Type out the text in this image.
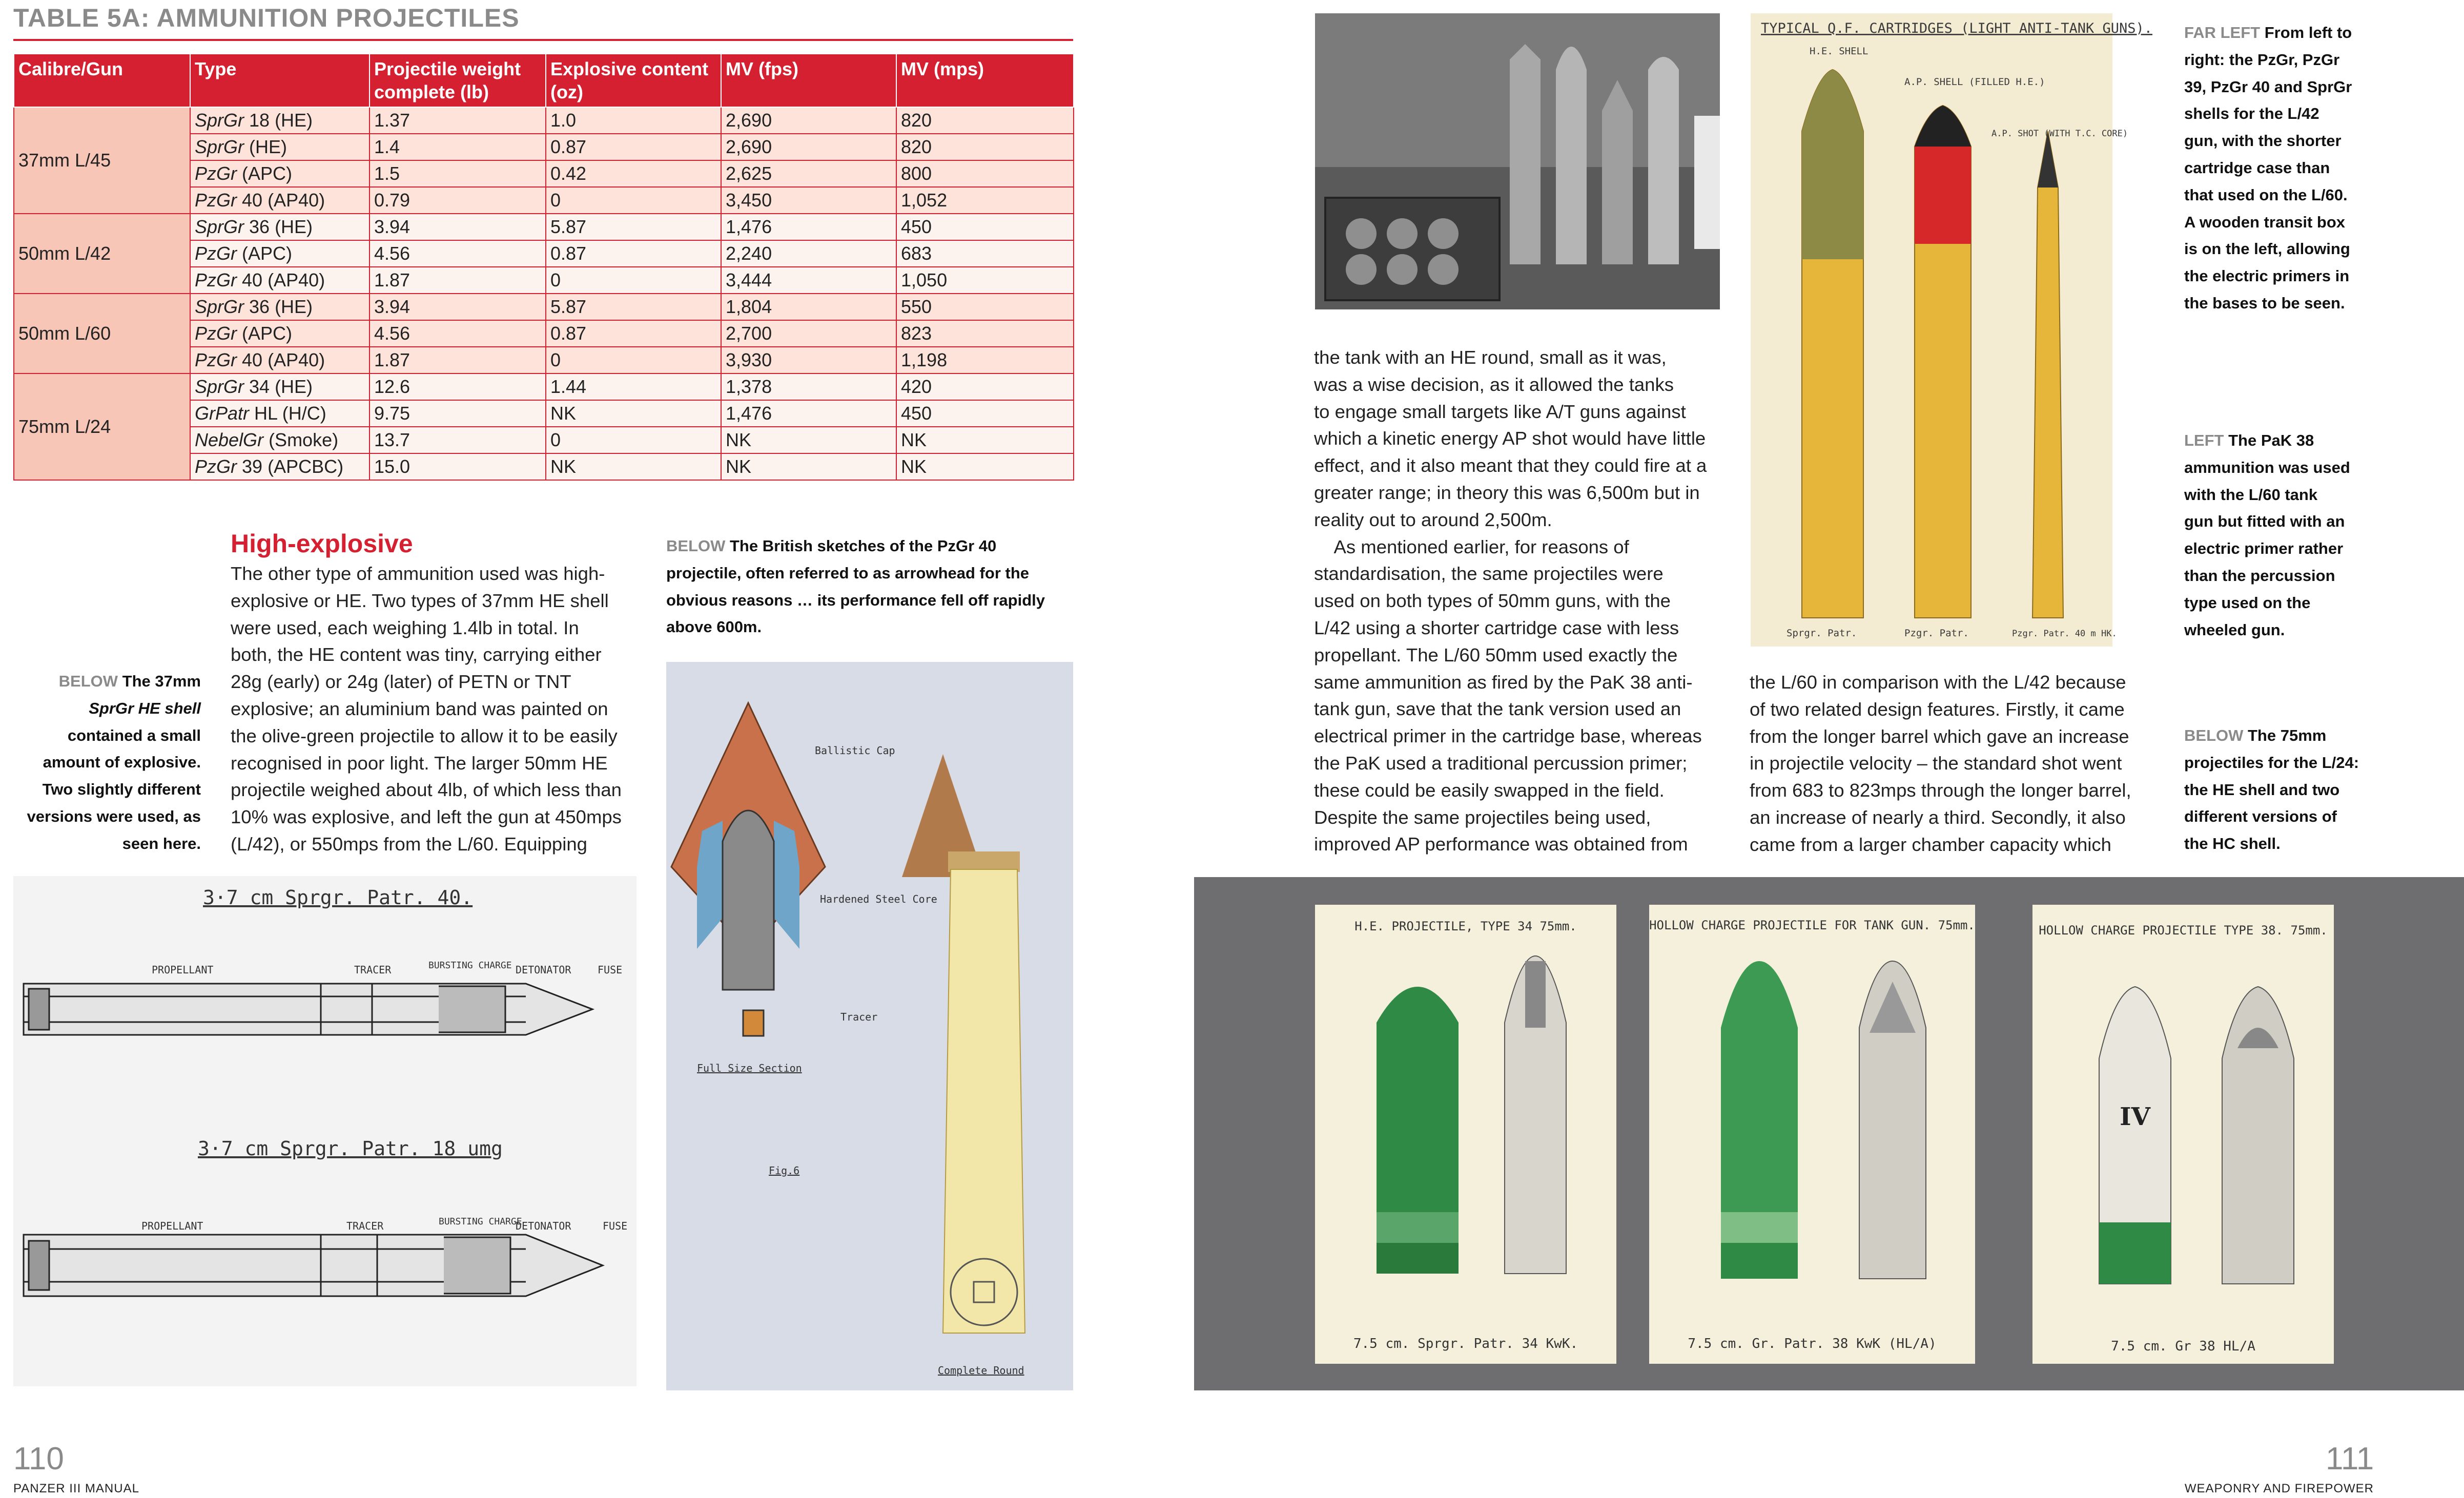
TABLE 5A: AMMUNITION PROJECTILES
Calibre/Gun	Type	Projectile weight complete (lb)	Explosive content (oz)	MV (fps)	MV (mps)
37mm L/45	SprGr 18 (HE)	1.37	1.0	2,690	820
	SprGr (HE)	1.4	0.87	2,690	820
	PzGr (APC)	1.5	0.42	2,625	800
	PzGr 40 (AP40)	0.79	0	3,450	1,052
50mm L/42	SprGr 36 (HE)	3.94	5.87	1,476	450
	PzGr (APC)	4.56	0.87	2,240	683
	PzGr 40 (AP40)	1.87	0	3,444	1,050
50mm L/60	SprGr 36 (HE)	3.94	5.87	1,804	550
	PzGr (APC)	4.56	0.87	2,700	823
	PzGr 40 (AP40)	1.87	0	3,930	1,198
75mm L/24	SprGr 34 (HE)	12.6	1.44	1,378	420
	GrPatr HL (H/C)	9.75	NK	1,476	450
	NebelGr (Smoke)	13.7	0	NK	NK
	PzGr 39 (APCBC)	15.0	NK	NK	NK
High-explosive
The other type of ammunition used was high-
explosive or HE. Two types of 37mm HE shell
were used, each weighing 1.4lb in total. In
both, the HE content was tiny, carrying either
28g (early) or 24g (later) of PETN or TNT
explosive; an aluminium band was painted on
the olive-green projectile to allow it to be easily
recognised in poor light. The larger 50mm HE
projectile weighed about 4lb, of which less than
10% was explosive, and left the gun at 450mps
(L/42), or 550mps from the L/60. Equipping
BELOW The 37mm
SprGr HE shell
contained a small
amount of explosive.
Two slightly different
versions were used, as
seen here.
BELOW The British sketches of the PzGr 40
projectile, often referred to as arrowhead for the
obvious reasons … its performance fell off rapidly
above 600m.
3·7 cm Sprgr. Patr. 40.
3·7 cm Sprgr. Patr. 18 umg
PROPELLANT	TRACER	BURSTING CHARGE DETONATOR	FUSE
PROPELLANT	TRACER	BURSTING CHARGE
DETONATOR	FUSE
Ballistic Cap
Hardened Steel Core
Tracer
Full Size Section
Fig.6
Complete Round
110
PANZER III MANUAL
TYPICAL Q.F. CARTRIDGES (LIGHT ANTI-TANK GUNS).
H.E. SHELL
A.P. SHELL (FILLED H.E.)
A.P. SHOT (WITH T.C. CORE)
Sprgr. Patr.	Pzgr. Patr.	Pzgr. Patr. 40 m HK.
FAR LEFT From left to
right: the PzGr, PzGr
39, PzGr 40 and SprGr
shells for the L/42
gun, with the shorter
cartridge case than
that used on the L/60.
A wooden transit box
is on the left, allowing
the electric primers in
the bases to be seen.
LEFT The PaK 38
ammunition was used
with the L/60 tank
gun but fitted with an
electric primer rather
than the percussion
type used on the
wheeled gun.
BELOW The 75mm
projectiles for the L/24:
the HE shell and two
different versions of
the HC shell.
the tank with an HE round, small as it was,
was a wise decision, as it allowed the tanks
to engage small targets like A/T guns against
which a kinetic energy AP shot would have little
effect, and it also meant that they could fire at a
greater range; in theory this was 6,500m but in
reality out to around 2,500m.
As mentioned earlier, for reasons of
standardisation, the same projectiles were
used on both types of 50mm guns, with the
L/42 using a shorter cartridge case with less
propellant. The L/60 50mm used exactly the
same ammunition as fired by the PaK 38 anti-
tank gun, save that the tank version used an
electrical primer in the cartridge base, whereas
the PaK used a traditional percussion primer;
these could be easily swapped in the field.
Despite the same projectiles being used,
improved AP performance was obtained from
the L/60 in comparison with the L/42 because
of two related design features. Firstly, it came
from the longer barrel which gave an increase
in projectile velocity – the standard shot went
from 683 to 823mps through the longer barrel,
an increase of nearly a third. Secondly, it also
came from a larger chamber capacity which
H.E. PROJECTILE, TYPE 34 75mm.
7.5 cm. Sprgr. Patr. 34 KwK.
HOLLOW CHARGE PROJECTILE FOR TANK GUN. 75mm.
7.5 cm. Gr. Patr. 38 KwK (HL/A)
HOLLOW CHARGE PROJECTILE TYPE 38. 75mm.
IV
7.5 cm. Gr 38 HL/A
111
WEAPONRY AND FIREPOWER
